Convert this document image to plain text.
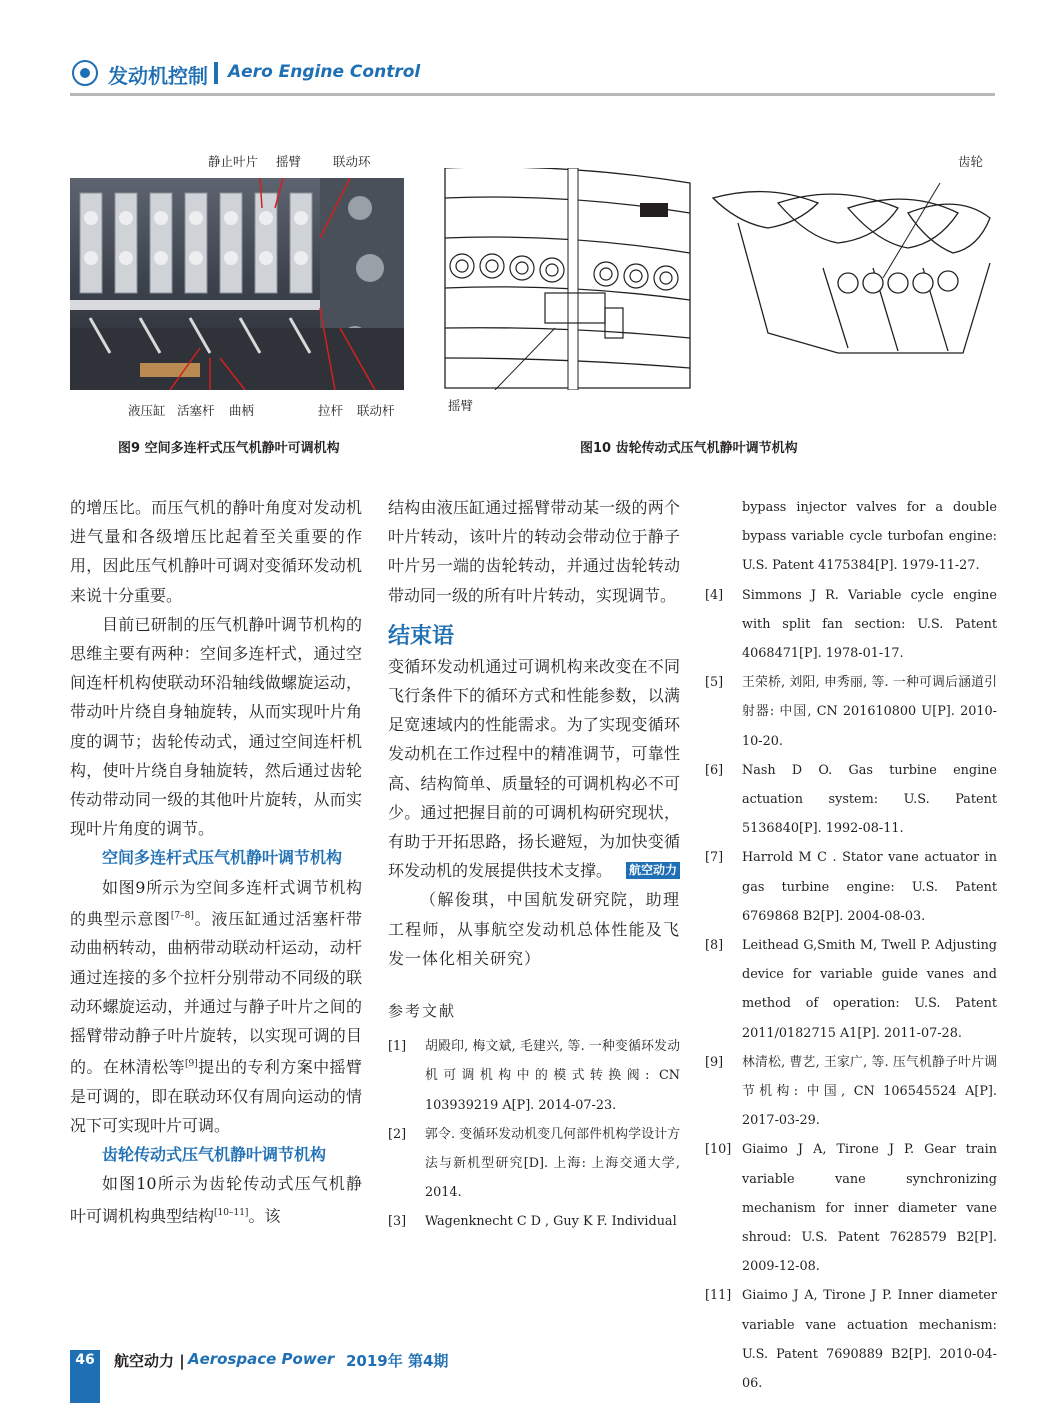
发动机控制 Aero Engine Control
静止叶片 摇臂	联动环
液压缸 活塞杆 曲柄	拉杆 联动杆
图9 空间多连杆式压气机静叶可调机构
齿轮
摇臂
图10 齿轮传动式压气机静叶调节机构

的增压比。而压气机的静叶角度对发动机进气量和各级增压比起着至关重要的作用，因此压气机静叶可调对变循环发动机来说十分重要。

目前已研制的压气机静叶调节机构的思维主要有两种：空间多连杆式，通过空间连杆机构使联动环沿轴线做螺旋运动，带动叶片绕自身轴旋转，从而实现叶片角度的调节；齿轮传动式，通过空间连杆机构，使叶片绕自身轴旋转，然后通过齿轮传动带动同一级的其他叶片旋转，从而实现叶片角度的调节。

空间多连杆式压气机静叶调节机构

如图9所示为空间多连杆式调节机构的典型示意图[7–8]。液压缸通过活塞杆带动曲柄转动，曲柄带动联动杆运动，动杆通过连接的多个拉杆分别带动不同级的联动环螺旋运动，并通过与静子叶片之间的摇臂带动静子叶片旋转，以实现可调的目的。在林清松等[9]提出的专利方案中摇臂是可调的，即在联动环仅有周向运动的情况下可实现叶片可调。

齿轮传动式压气机静叶调节机构

如图10所示为齿轮传动式压气机静叶可调机构典型结构[10–11]。该

结构由液压缸通过摇臂带动某一级的两个叶片转动，该叶片的转动会带动位于静子叶片另一端的齿轮转动，并通过齿轮转动带动同一级的所有叶片转动，实现调节。

结束语

变循环发动机通过可调机构来改变在不同飞行条件下的循环方式和性能参数，以满足宽速域内的性能需求。为了实现变循环发动机在工作过程中的精准调节，可靠性高、结构简单、质量轻的可调机构必不可少。通过把握目前的可调机构研究现状，有助于开拓思路，扬长避短，为加快变循环发动机的发展提供技术支撑。 航空动力

（解俊琪，中国航发研究院，助理工程师，从事航空发动机总体性能及飞发一体化相关研究）

参考文献

[1] 胡殿印, 梅文斌, 毛建兴, 等. 一种变循环发动机可调机构中的模式转换阀: CN 103939219 A[P]. 2014-07-23.

[2] 郭令. 变循环发动机变几何部件机构学设计方法与新机型研究[D]. 上海: 上海交通大学, 2014.

[3] Wagenknecht C D , Guy K F. Individual

bypass injector valves for a double bypass variable cycle turbofan engine: U.S. Patent 4175384[P]. 1979-11-27.

[4] Simmons J R. Variable cycle engine with split fan section: U.S. Patent 4068471[P]. 1978-01-17.

[5] 王荣桥, 刘阳, 申秀丽, 等. 一种可调后涵道引射器: 中国, CN 201610800 U[P]. 2010-10-20.

[6] Nash D O. Gas turbine engine actuation system: U.S. Patent 5136840[P]. 1992-08-11.

[7] Harrold M C . Stator vane actuator in gas turbine engine: U.S. Patent 6769868 B2[P]. 2004-08-03.

[8] Leithead G,Smith M, Twell P. Adjusting device for variable guide vanes and method of operation: U.S. Patent 2011/0182715 A1[P]. 2011-07-28.

[9] 林清松, 曹艺, 王家广, 等. 压气机静子叶片调节机构: 中国, CN 106545524 A[P]. 2017-03-29.

[10] Giaimo J A, Tirone J P. Gear train variable vane synchronizing mechanism for inner diameter vane shroud: U.S. Patent 7628579 B2[P]. 2009-12-08.

[11] Giaimo J A, Tirone J P. Inner diameter variable vane actuation mechanism: U.S. Patent 7690889 B2[P]. 2010-04-06.

46	航空动力 | Aerospace Power 2019年 第4期
